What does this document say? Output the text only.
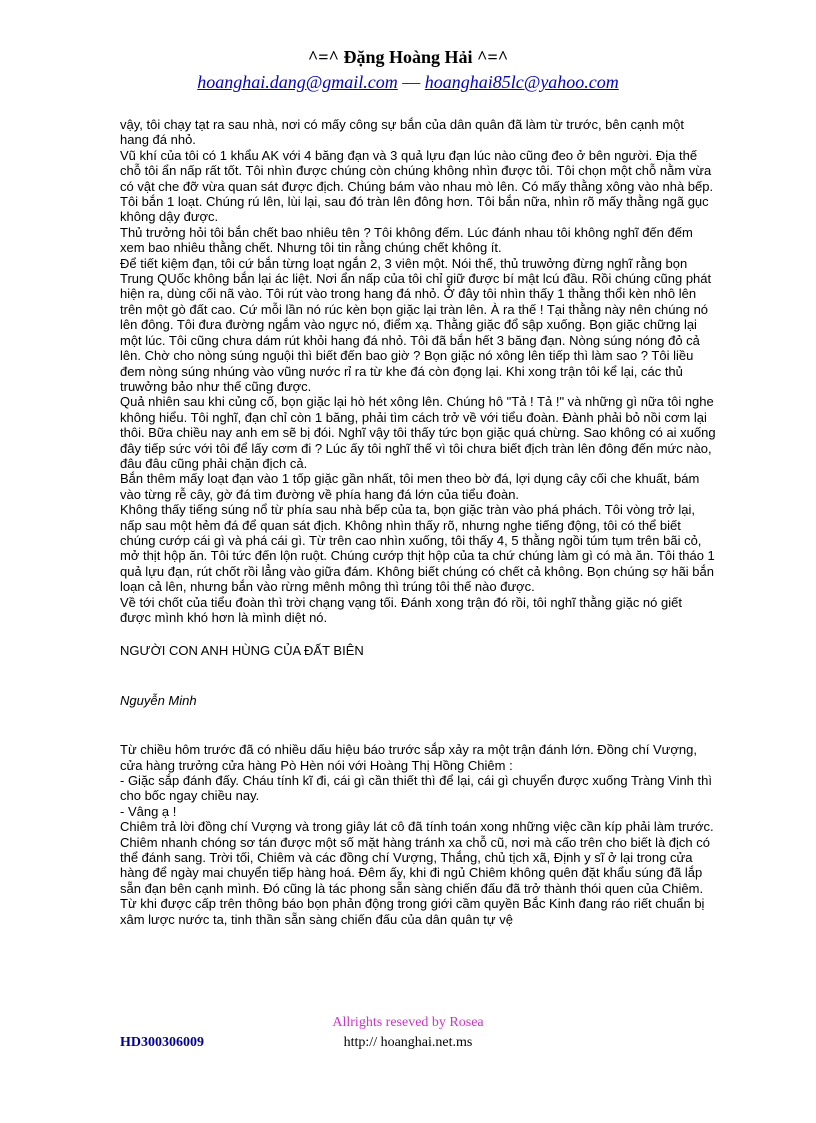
^=^ Đặng Hoàng Hải ^=^
hoanghai.dang@gmail.com — hoanghai85lc@yahoo.com

vậy, tôi chạy tạt ra sau nhà, nơi có mấy công sự bắn của dân quân đã làm từ trước, bên cạnh một hang đá nhỏ.

Vũ khí của tôi có 1 khẩu AK với 4 băng đạn và 3 quả lựu đạn lúc nào cũng đeo ở bên người. Địa thế chỗ tôi ẩn nấp rất tốt. Tôi nhìn được chúng còn chúng không nhìn được tôi. Tôi chọn một chỗ nằm vừa có vật che đỡ vừa quan sát được địch. Chúng bám vào nhau mò lên. Có mấy thằng xông vào nhà bếp. Tôi bắn 1 loạt. Chúng rú lên, lùi lại, sau đó tràn lên đông hơn. Tôi bắn nữa, nhìn rõ mấy thằng ngã gục không dậy được.

Thủ trưởng hỏi tôi bắn chết bao nhiêu tên ? Tôi không đếm. Lúc đánh nhau tôi không nghĩ đến đếm xem bao nhiêu thằng chết. Nhưng tôi tin rằng chúng chết không ít.

Để tiết kiệm đạn, tôi cứ bắn từng loạt ngắn 2, 3 viên một. Nói thế, thủ truwởng đừng nghĩ rằng bọn Trung QUốc không bắn lại ác liệt. Nơi ẩn nấp của tôi chỉ giữ được bí mật lcú đầu. Rồi chúng cũng phát hiện ra, dùng cối nã vào. Tôi rút vào trong hang đá nhỏ. Ở đây tôi nhìn thấy 1 thằng thổi kèn nhô lên trên một gò đất cao. Cứ mỗi lần nó rúc kèn bọn giặc lại tràn lên. À ra thế ! Tại thằng này nên chúng nó lên đông. Tôi đưa đường ngắm vào ngực nó, điểm xạ. Thằng giặc đổ sập xuống. Bọn giặc chững lại một lúc. Tôi cũng chưa dám rút khỏi hang đá nhỏ. Tôi đã bắn hết 3 băng đạn. Nòng súng nóng đỏ cả lên. Chờ cho nòng súng nguội thì biết đến bao giờ ? Bọn giặc nó xông lên tiếp thì làm sao ? Tôi liều đem nòng súng nhúng vào vũng nước rỉ ra từ khe đá còn đọng lại. Khi xong trận tôi kể lại, các thủ truwởng bảo như thế cũng được.

Quả nhiên sau khi củng cố, bọn giặc lại hò hét xông lên. Chúng hô "Tả ! Tả !" và những gì nữa tôi nghe không hiểu. Tôi nghĩ, đạn chỉ còn 1 băng, phải tìm cách trở về với tiểu đoàn. Đành phải bỏ nồi cơm lại thôi. Bữa chiều nay anh em sẽ bị đói. Nghĩ vậy tôi thấy tức bọn giặc quá chừng. Sao không có ai xuống đây tiếp sức với tôi để lấy cơm đi ? Lúc ấy tôi nghĩ thế vì tôi chưa biết địch tràn lên đông đến mức nào, đâu đâu cũng phải chặn địch cả.

Bắn thêm mấy loạt đạn vào 1 tốp giặc gần nhất, tôi men theo bờ đá, lợi dụng cây cối che khuất, bám vào từng rễ cây, gờ đá tìm đường về phía hang đá lớn của tiểu đoàn.

Không thấy tiếng súng nổ từ phía sau nhà bếp của ta, bọn giặc tràn vào phá phách. Tôi vòng trở lại, nấp sau một hẻm đá để quan sát địch. Không nhìn thấy rõ, nhưng nghe tiếng động, tôi có thể biết chúng cướp cái gì và phá cái gì. Từ trên cao nhìn xuống, tôi thấy 4, 5 thằng ngồi túm tụm trên bãi cỏ, mở thịt hộp ăn. Tôi tức đến lộn ruột. Chúng cướp thịt hộp của ta chứ chúng làm gì có mà ăn. Tôi tháo 1 quả lựu đạn, rút chốt rồi lẳng vào giữa đám. Không biết chúng có chết cả không. Bọn chúng sợ hãi bắn loạn cả lên, nhưng bắn vào rừng mênh mông thì trúng tôi thế nào được.

Về tới chốt của tiểu đoàn thì trời chạng vạng tối. Đánh xong trận đó rồi, tôi nghĩ thằng giặc nó giết được mình khó hơn là mình diệt nó.

NGƯỜI CON ANH HÙNG CỦA ĐẤT BIÊN

Nguyễn Minh

Từ chiều hôm trước đã có nhiều dấu hiệu báo trước sắp xảy ra một trận đánh lớn. Đồng chí Vượng, cửa hàng trưởng cửa hàng Pò Hèn nói với Hoàng Thị Hồng Chiêm :

- Giặc sắp đánh đấy. Cháu tính kĩ đi, cái gì cần thiết thì để lại, cái gì chuyển được xuống Tràng Vinh thì cho bốc ngay chiều nay.

- Vâng ạ !

Chiêm trả lời đồng chí Vượng và trong giây lát cô đã tính toán xong những việc cần kíp phải làm trước.

Chiêm nhanh chóng sơ tán được một số mặt hàng tránh xa chỗ cũ, nơi mà cấo trên cho biết là địch có thể đánh sang. Trời tối, Chiêm và các đồng chí Vượng, Thắng, chủ tịch xã, Định y sĩ ở lại trong cửa hàng để ngày mai chuyển tiếp hàng hoá. Đêm ấy, khi đi ngủ Chiêm không quên đặt khẩu súng đã lắp sẵn đạn bên cạnh mình. Đó cũng là tác phong sẵn sàng chiến đấu đã trở thành thói quen của Chiêm. Từ khi được cấp trên thông báo bọn phản động trong giới cầm quyền Bắc Kinh đang ráo riết chuẩn bị xâm lược nước ta, tinh thần sẵn sàng chiến đấu của dân quân tự vệ

Allrights reseved by Rosea
http:// hoanghai.net.ms
HD300306009
